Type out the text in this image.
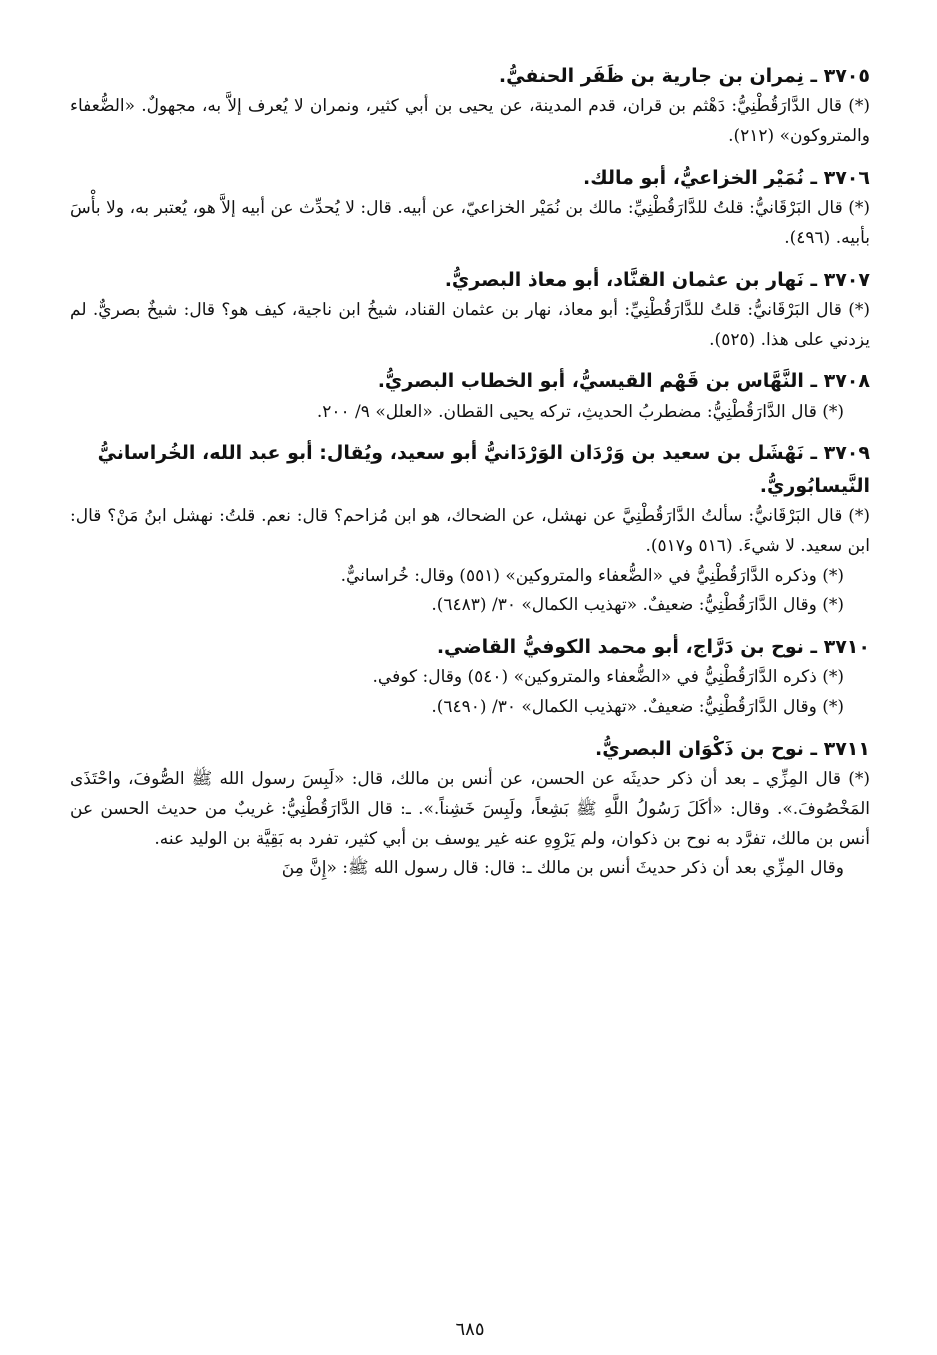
٣٧٠٥ ـ نِمران بن جارية بن ظَفَر الحنفيُّ.

(*) قال الدَّارَقُطْنِيُّ: دَهْثم بن قران، قدم المدينة، عن يحيى بن أبي كثير، ونمران لا يُعرف إلاَّ به، مجهولٌ. «الضُّعفاء والمتروكون» (٢١٢).

٣٧٠٦ ـ نُمَيْر الخزاعيُّ، أبو مالك.

(*) قال البَرْقَانيُّ: قلتُ للدَّارَقُطْنِيِّ: مالك بن نُمَيْر الخزاعيّ، عن أبيه. قال: لا يُحدِّث عن أبيه إلاَّ هو، يُعتبر به، ولا بأْسَ بأبيه. (٤٩٦).

٣٧٠٧ ـ نَهار بن عثمان القنَّاد، أبو معاذ البصريُّ.

(*) قال البَرْقَانيُّ: قلتُ للدَّارَقُطْنِيِّ: أبو معاذ، نهار بن عثمان القناد، شيخُ ابن ناجية، كيف هو؟ قال: شيخٌ بصريٌّ. لم يزدني على هذا. (٥٢٥).

٣٧٠٨ ـ النَّهَّاس بن قَهْم القيسيُّ، أبو الخطاب البصريُّ.

(*) قال الدَّارَقُطْنِيُّ: مضطربُ الحديثِ، تركه يحيى القطان. «العلل» ٩/ ٢٠٠.

٣٧٠٩ ـ نَهْشَل بن سعيد بن وَرْدَان الوَرْدَانيُّ أبو سعيد، ويُقال: أبو عبد الله، الخُراسانيُّ النَّيسابُوريُّ.

(*) قال البَرْقَانيُّ: سألتُ الدَّارَقُطْنِيَّ عن نهشل، عن الضحاك، هو ابن مُزاحم؟ قال: نعم. قلتُ: نهشل ابنُ مَنْ؟ قال: ابن سعيد. لا شيءَ. (٥١٦ و٥١٧).

(*) وذكره الدَّارَقُطْنِيُّ في «الضُّعفاء والمتروكين» (٥٥١) وقال: خُراسانيٌّ.

(*) وقال الدَّارَقُطْنِيُّ: ضعيفٌ. «تهذيب الكمال» ٣٠/ (٦٤٨٣).

٣٧١٠ ـ نوح بن دَرَّاج، أبو محمد الكوفيُّ القاضي.

(*) ذكره الدَّارَقُطْنِيُّ في «الضُّعفاء والمتروكين» (٥٤٠) وقال: كوفي.

(*) وقال الدَّارَقُطْنِيُّ: ضعيفٌ. «تهذيب الكمال» ٣٠/ (٦٤٩٠).

٣٧١١ ـ نوح بن ذَكْوَان البصريُّ.

(*) قال المِزِّي ـ بعد أن ذكر حديثَه عن الحسن، عن أنس بن مالك، قال: «لَبِسَ رسول الله ﷺ الصُّوفَ، واحْتَذَى المَخْصُوفَ.». وقال: «أكَلَ رَسُولُ اللَّهِ ﷺ بَشِعاً، ولَبِسَ خَشِناً.». ـ: قال الدَّارَقُطْنِيُّ: غريبٌ من حديث الحسن عن أنس بن مالك، تفرَّد به نوح بن ذكوان، ولم يَرْوِهِ عنه غير يوسف بن أبي كثير، تفرد به بَقِيَّة بن الوليد عنه.

وقال المِزِّي بعد أن ذكر حديثَ أنس بن مالك ـ: قال: قال رسول الله ﷺ: «إِنَّ مِنَ

٦٨٥
